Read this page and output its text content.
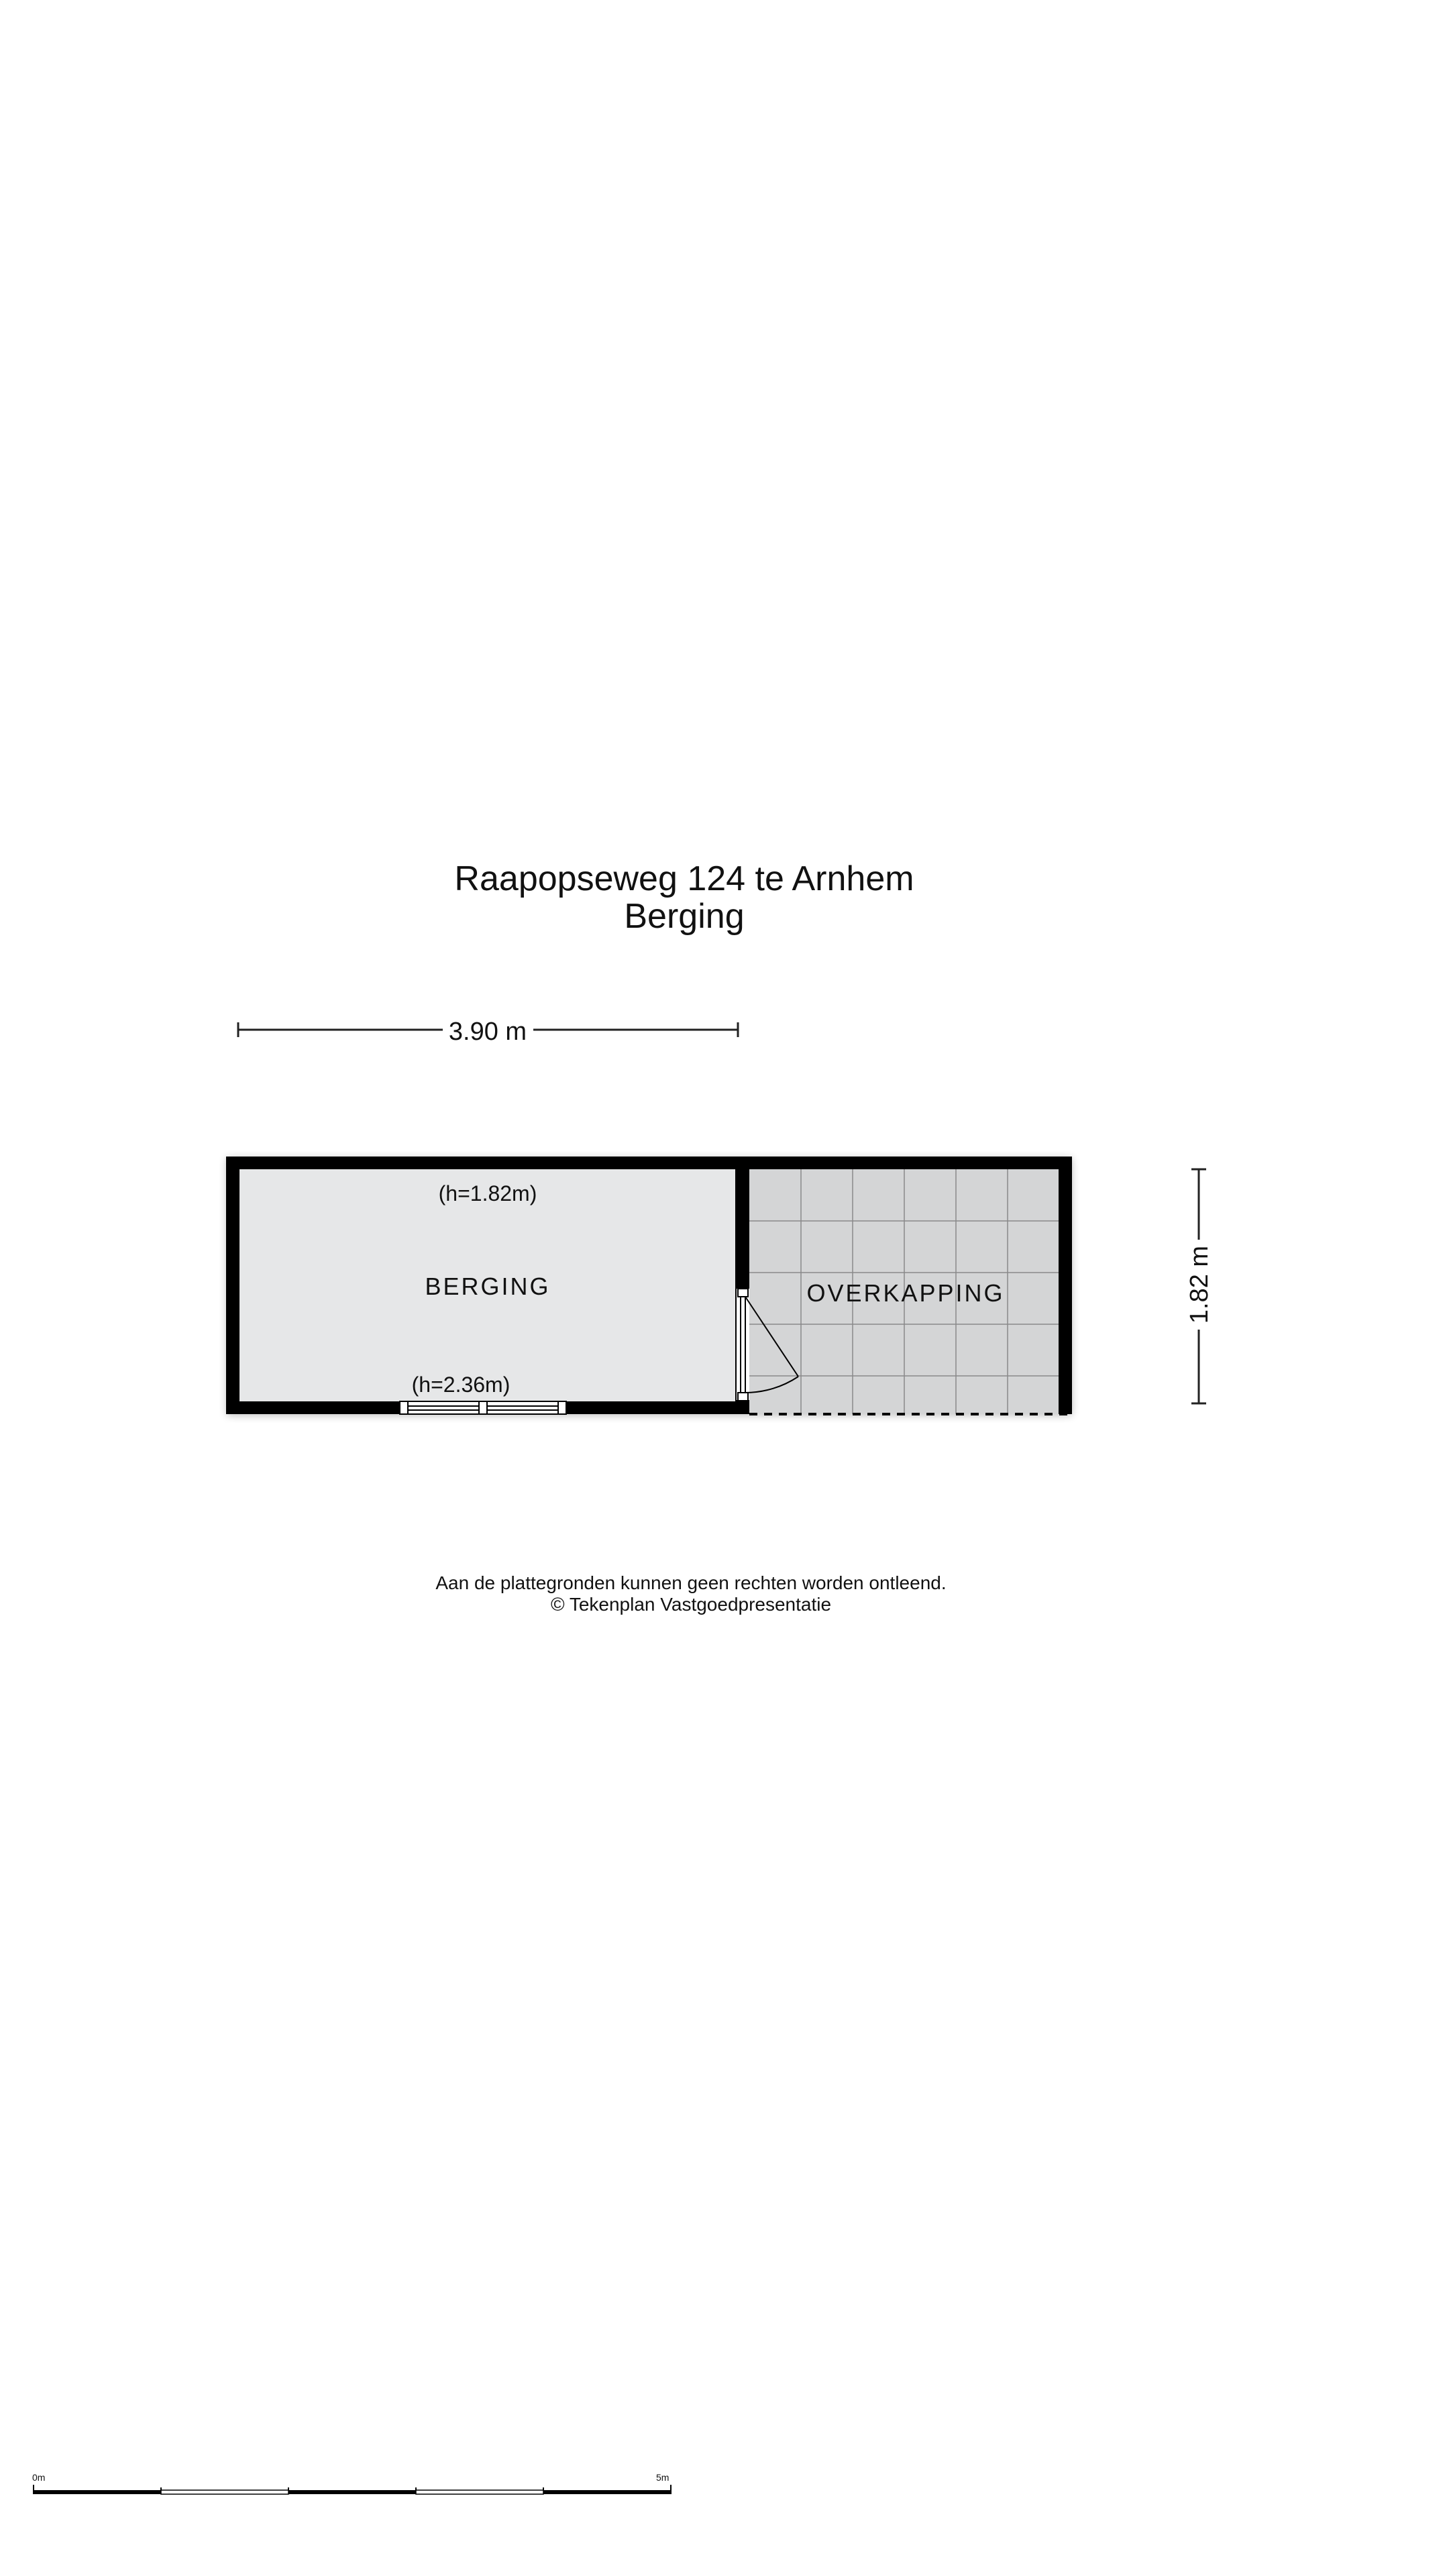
Raapopseweg 124 te Arnhem
Berging
3.90 m
1.82 m
(h=1.82m)
BERGING
(h=2.36m)
OVERKAPPING
0m	5m
Aan de plattegronden kunnen geen rechten worden ontleend.
© Tekenplan Vastgoedpresentatie
